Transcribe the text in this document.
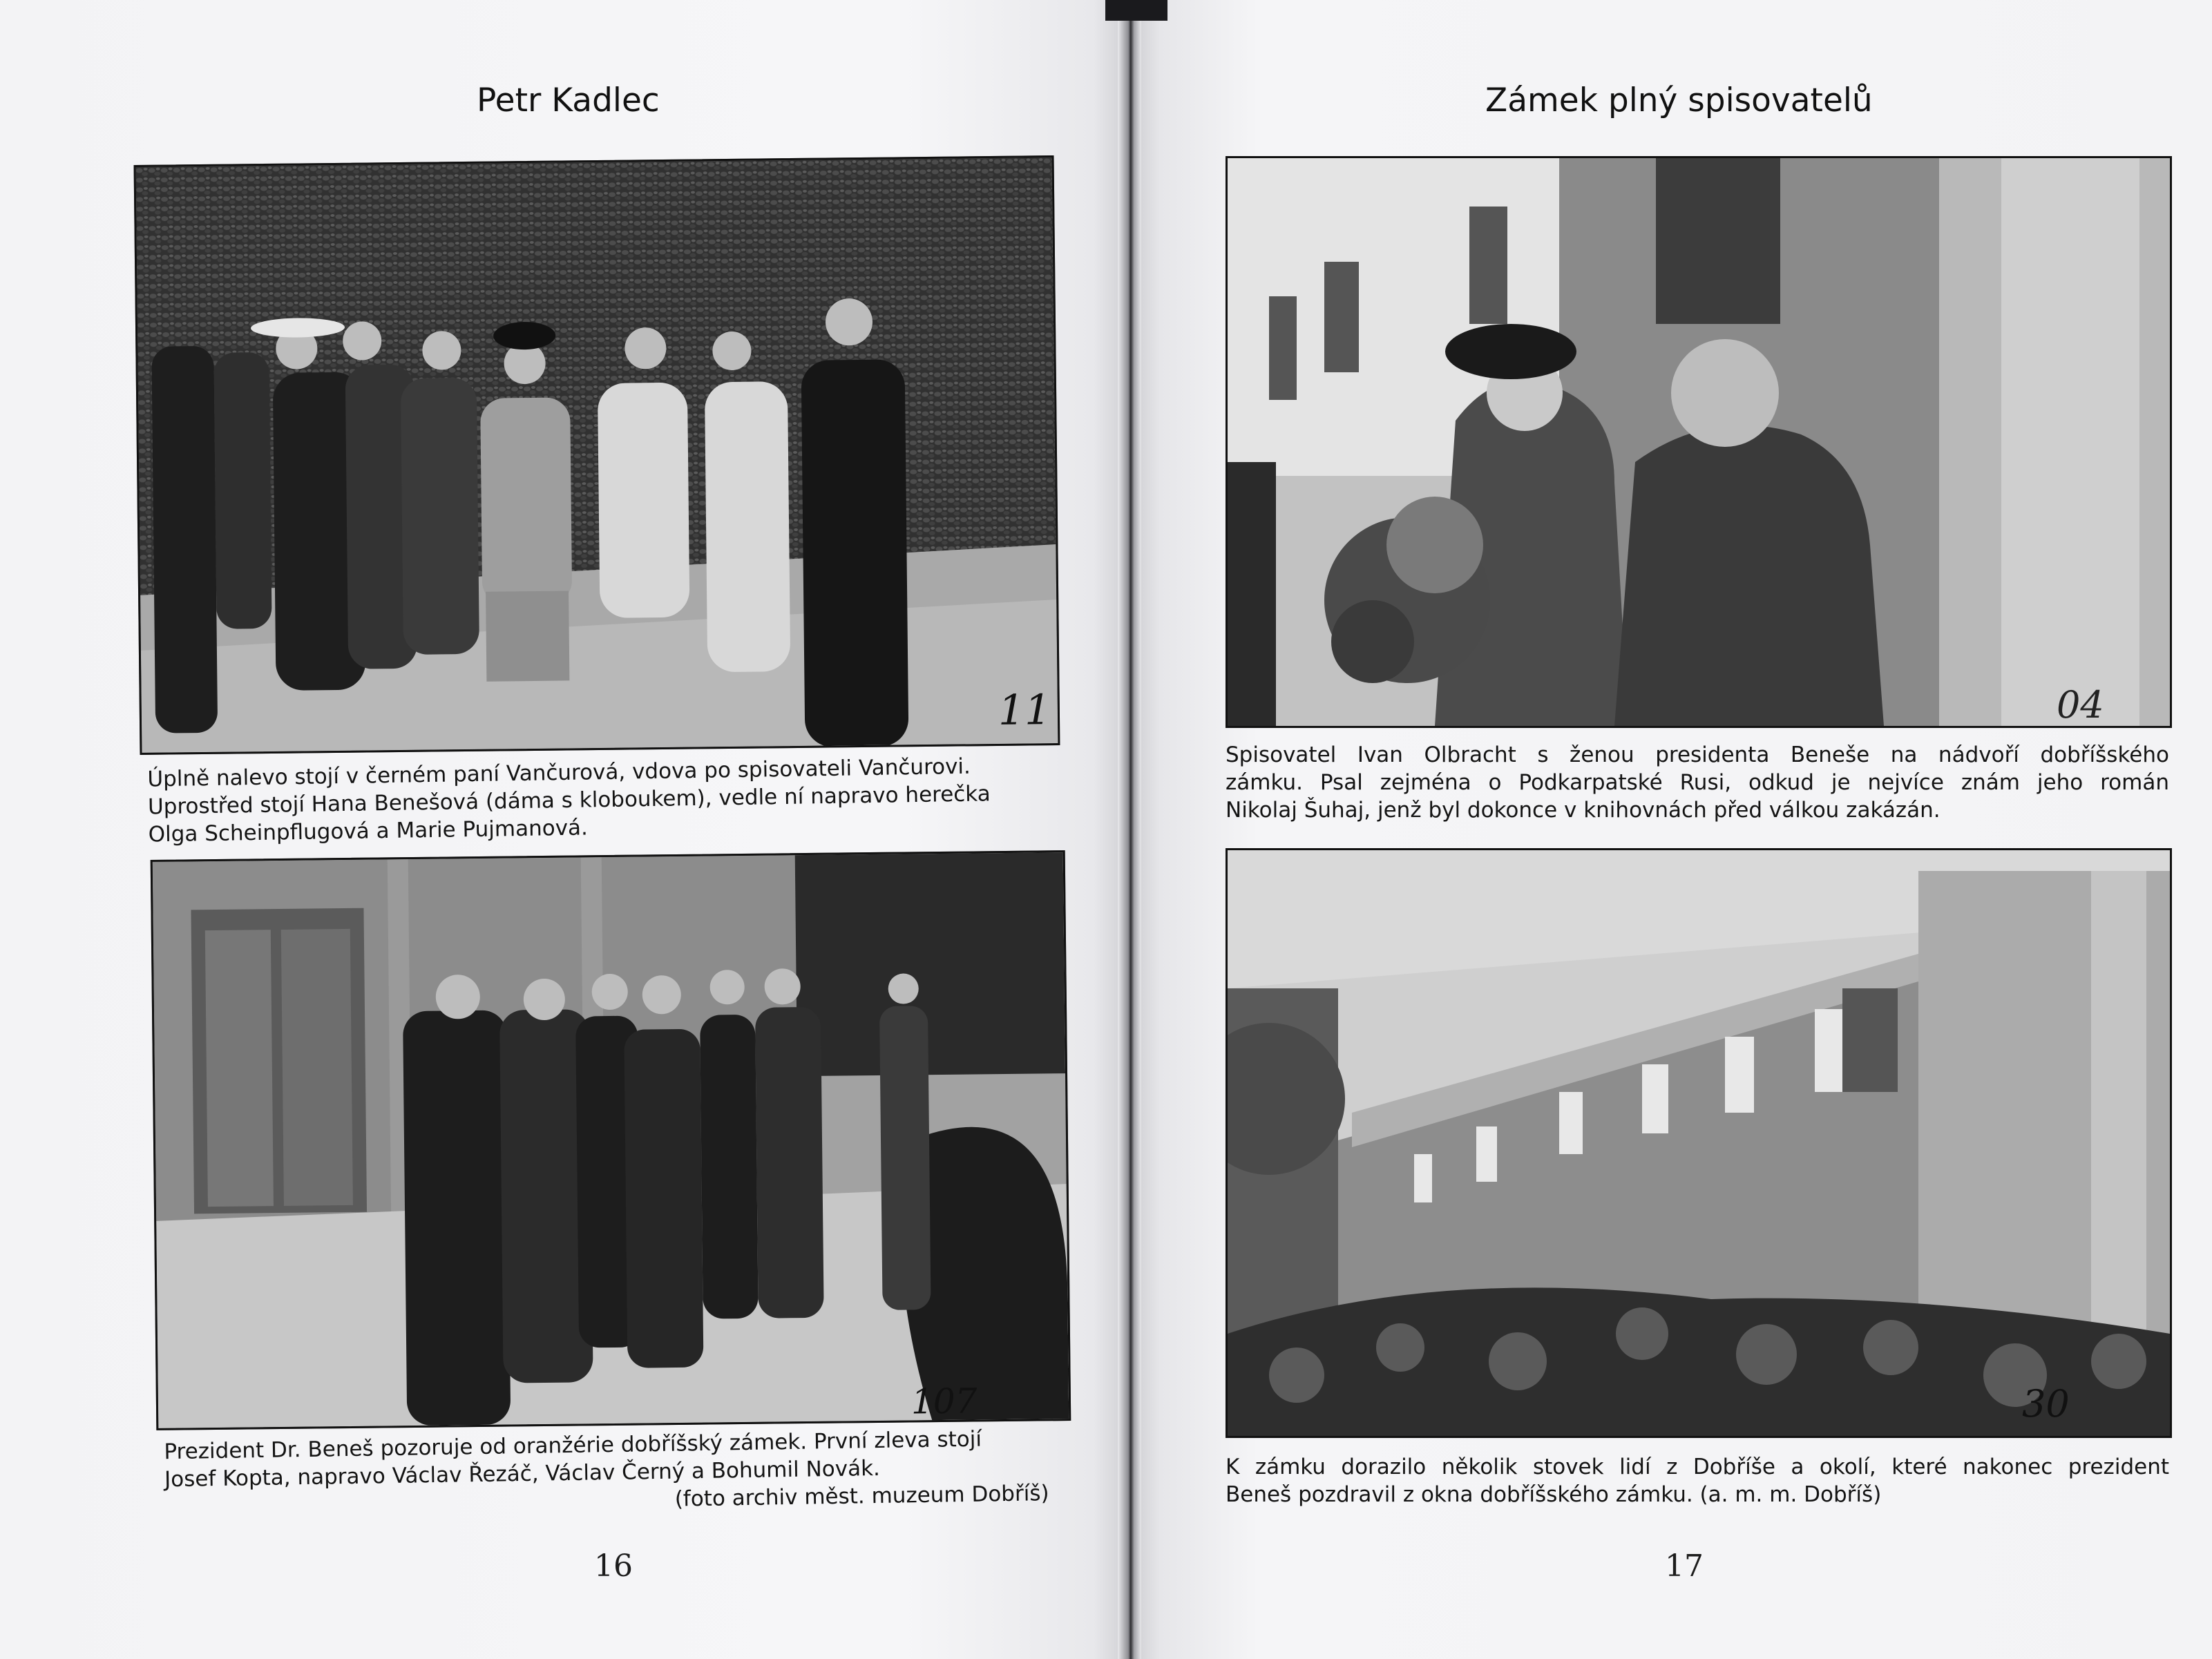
Petr Kadlec
11

Úplně nalevo stojí v černém paní Vančurová, vdova po spisovateli Vančurovi.

Uprostřed stojí Hana Benešová (dáma s kloboukem), vedle ní napravo herečka

Olga Scheinpflugová a Marie Pujmanová.

107

Prezident Dr. Beneš pozoruje od oranžérie dobříšský zámek. První zleva stojí

Josef Kopta, napravo Václav Řezáč, Václav Černý a Bohumil Novák.

(foto archiv měst. muzeum Dobříš)

16
Zámek plný spisovatelů
04

Spisovatel Ivan Olbracht s ženou presidenta Beneše na nádvoří dobříšského

zámku. Psal zejména o Podkarpatské Rusi, odkud je nejvíce znám jeho román

Nikolaj Šuhaj, jenž byl dokonce v knihovnách před válkou zakázán.

30

K zámku dorazilo několik stovek lidí z Dobříše a okolí, které nakonec prezident

Beneš pozdravil z okna dobříšského zámku. (a. m. m. Dobříš)

17
